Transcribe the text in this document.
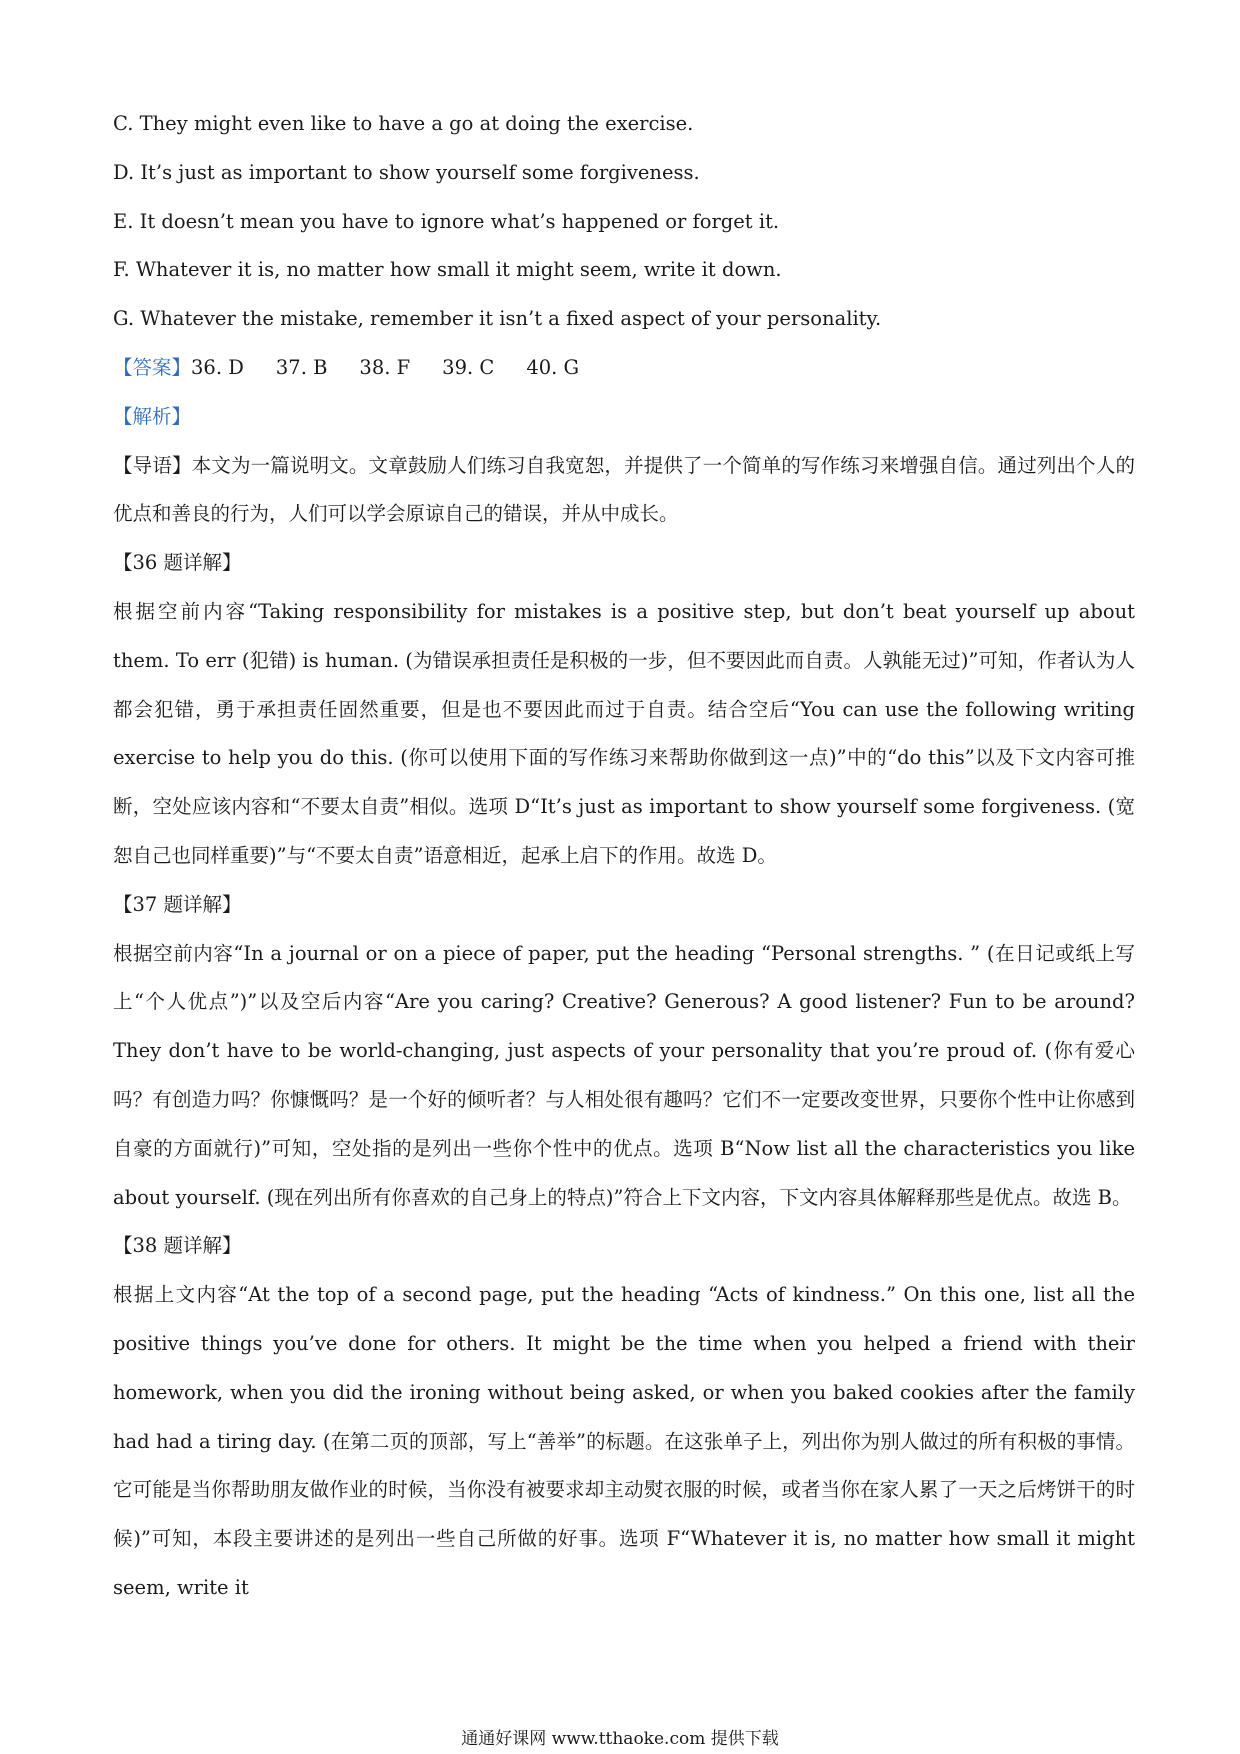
C. They might even like to have a go at doing the exercise.
D. It’s just as important to show yourself some forgiveness.
E. It doesn’t mean you have to ignore what’s happened or forget it.
F. Whatever it is, no matter how small it might seem, write it down.
G. Whatever the mistake, remember it isn’t a fixed aspect of your personality.
【答案】36. D 37. B 38. F 39. C 40. G
【解析】
【导语】本文为一篇说明文。文章鼓励人们练习自我宽恕，并提供了一个简单的写作练习来增强自信。通过列出个人的优点和善良的行为，人们可以学会原谅自己的错误，并从中成长。
【36 题详解】
根据空前内容“Taking responsibility for mistakes is a positive step, but don’t beat yourself up about them. To err (犯错) is human. (为错误承担责任是积极的一步，但不要因此而自责。人孰能无过)”可知，作者认为人都会犯错，勇于承担责任固然重要，但是也不要因此而过于自责。结合空后“You can use the following writing exercise to help you do this. (你可以使用下面的写作练习来帮助你做到这一点)”中的“do this”以及下文内容可推断，空处应该内容和“不要太自责”相似。选项 D“It’s just as important to show yourself some forgiveness. (宽恕自己也同样重要)”与“不要太自责”语意相近，起承上启下的作用。故选 D。
【37 题详解】
根据空前内容“In a journal or on a piece of paper, put the heading “Personal strengths. ” (在日记或纸上写上“个人优点”)”以及空后内容“Are you caring? Creative? Generous? A good listener? Fun to be around? They don’t have to be world-changing, just aspects of your personality that you’re proud of. (你有爱心吗？有创造力吗？你慷慨吗？是一个好的倾听者？与人相处很有趣吗？它们不一定要改变世界，只要你个性中让你感到自豪的方面就行)”可知，空处指的是列出一些你个性中的优点。选项 B“Now list all the characteristics you like about yourself. (现在列出所有你喜欢的自己身上的特点)”符合上下文内容，下文内容具体解释那些是优点。故选 B。
【38 题详解】
根据上文内容“At the top of a second page, put the heading “Acts of kindness.” On this one, list all the positive things you’ve done for others. It might be the time when you helped a friend with their homework, when you did the ironing without being asked, or when you baked cookies after the family had had a tiring day. (在第二页的顶部，写上“善举”的标题。在这张单子上，列出你为别人做过的所有积极的事情。它可能是当你帮助朋友做作业的时候，当你没有被要求却主动熨衣服的时候，或者当你在家人累了一天之后烤饼干的时候)”可知，本段主要讲述的是列出一些自己所做的好事。选项 F“Whatever it is, no matter how small it might seem, write it
通通好课网 www.tthaoke.com 提供下载
